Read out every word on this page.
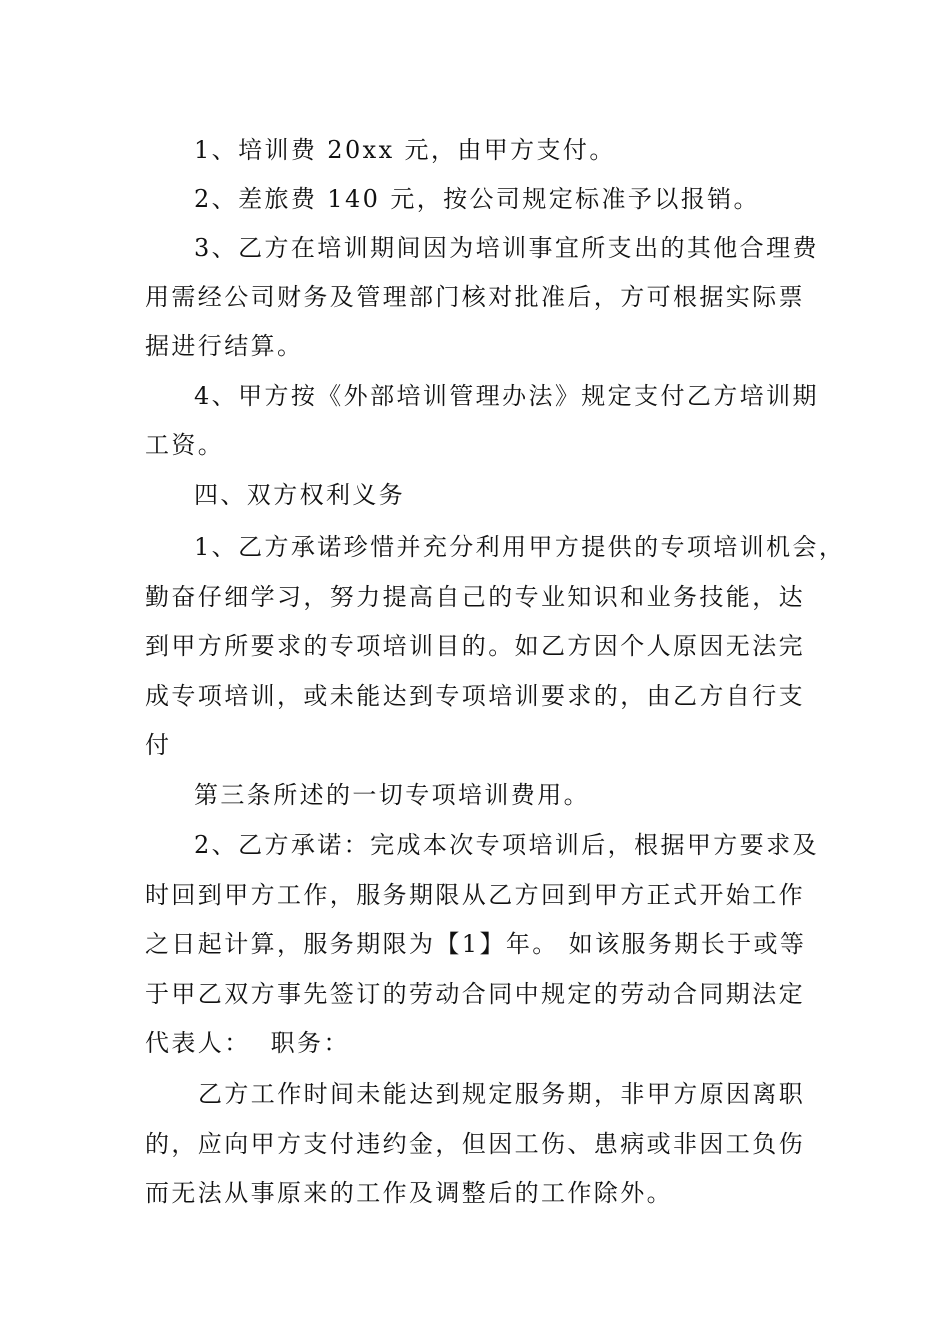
1、培训费 20xx 元，由甲方支付。
2、差旅费 140 元，按公司规定标准予以报销。
3、乙方在培训期间因为培训事宜所支出的其他合理费
用需经公司财务及管理部门核对批准后，方可根据实际票
据进行结算。
4、甲方按《外部培训管理办法》规定支付乙方培训期
工资。
四、双方权利义务
1、乙方承诺珍惜并充分利用甲方提供的专项培训机会，
勤奋仔细学习，努力提高自己的专业知识和业务技能，达
到甲方所要求的专项培训目的。如乙方因个人原因无法完
成专项培训，或未能达到专项培训要求的，由乙方自行支
付
第三条所述的一切专项培训费用。
2、乙方承诺：完成本次专项培训后，根据甲方要求及
时回到甲方工作，服务期限从乙方回到甲方正式开始工作
之日起计算，服务期限为【1】年。 如该服务期长于或等
于甲乙双方事先签订的劳动合同中规定的劳动合同期法定
代表人：  职务：
乙方工作时间未能达到规定服务期，非甲方原因离职
的，应向甲方支付违约金，但因工伤、患病或非因工负伤
而无法从事原来的工作及调整后的工作除外。
